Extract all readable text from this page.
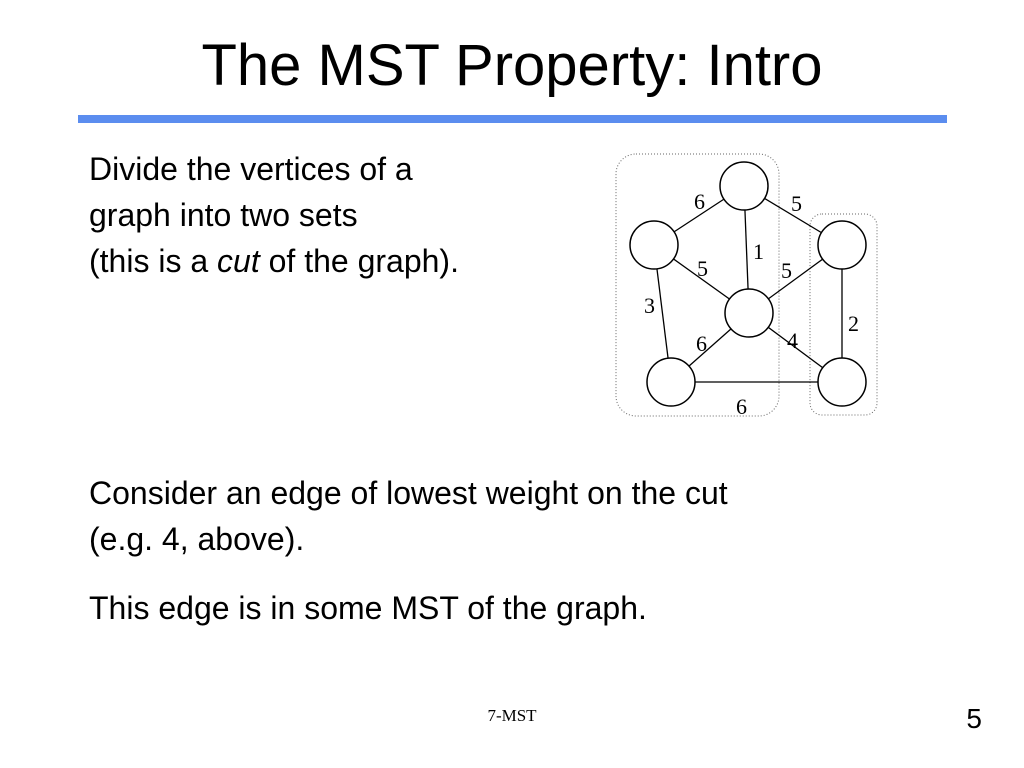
The MST Property: Intro

Divide the vertices of a
graph into two sets
(this is a cut of the graph).

6	5
1
5	5
3
2
6	4
6

Consider an edge of lowest weight on the cut
(e.g. 4, above).

This edge is in some MST of the graph.

7-MST	5
